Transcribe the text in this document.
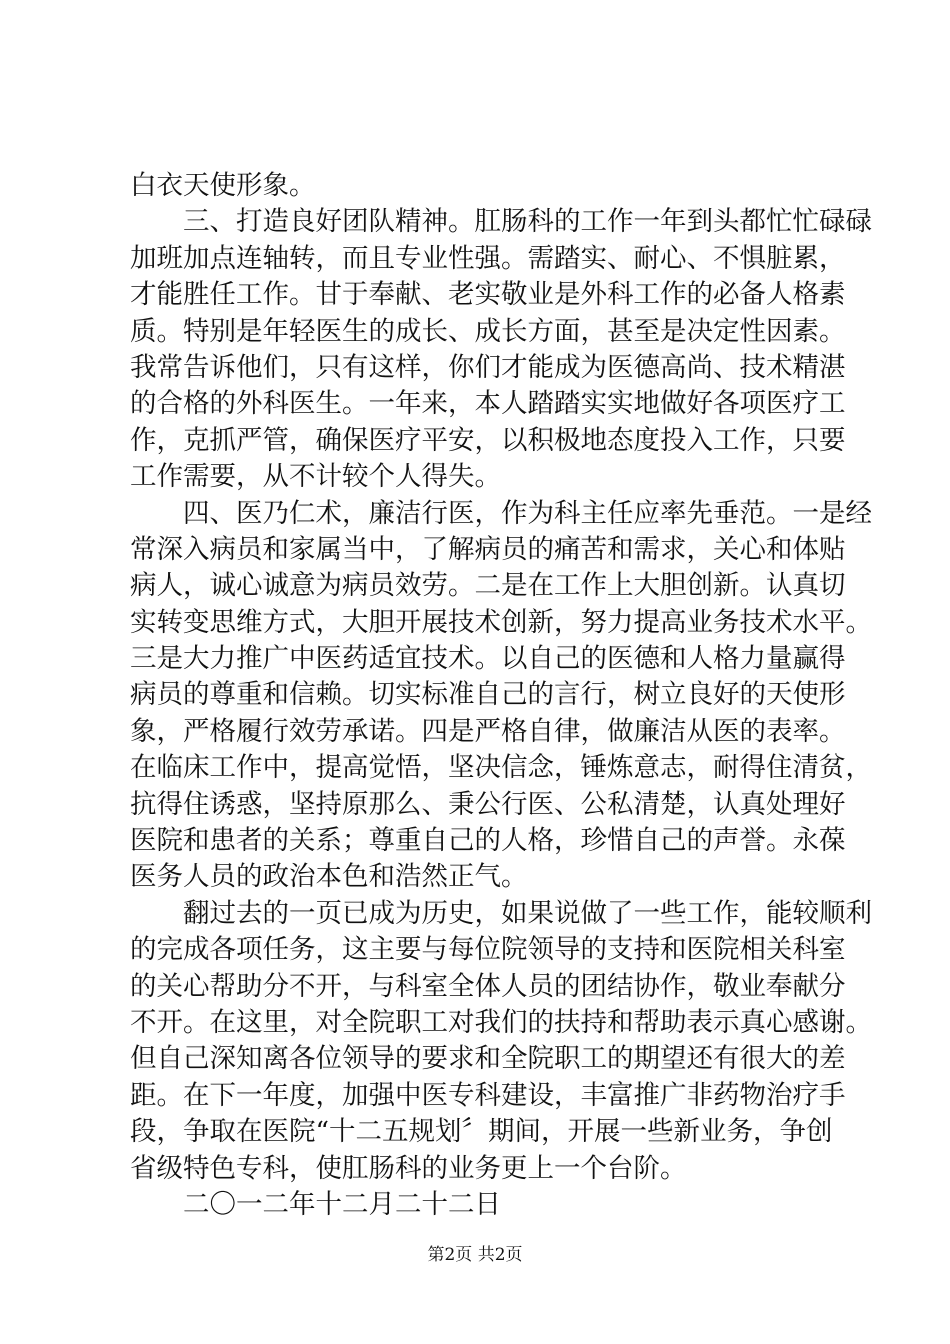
白衣天使形象。
三、打造良好团队精神。肛肠科的工作一年到头都忙忙碌碌
加班加点连轴转，而且专业性强。需踏实、耐心、不惧脏累，
才能胜任工作。甘于奉献、老实敬业是外科工作的必备人格素
质。特别是年轻医生的成长、成长方面，甚至是决定性因素。
我常告诉他们，只有这样，你们才能成为医德高尚、技术精湛
的合格的外科医生。一年来，本人踏踏实实地做好各项医疗工
作，克抓严管，确保医疗平安，以积极地态度投入工作，只要
工作需要，从不计较个人得失。
四、医乃仁术，廉洁行医，作为科主任应率先垂范。一是经
常深入病员和家属当中，了解病员的痛苦和需求，关心和体贴
病人，诚心诚意为病员效劳。二是在工作上大胆创新。认真切
实转变思维方式，大胆开展技术创新，努力提高业务技术水平。
三是大力推广中医药适宜技术。以自己的医德和人格力量赢得
病员的尊重和信赖。切实标准自己的言行，树立良好的天使形
象，严格履行效劳承诺。四是严格自律，做廉洁从医的表率。
在临床工作中，提高觉悟，坚决信念，锤炼意志，耐得住清贫，
抗得住诱惑，坚持原那么、秉公行医、公私清楚，认真处理好
医院和患者的关系；尊重自己的人格，珍惜自己的声誉。永葆
医务人员的政治本色和浩然正气。
翻过去的一页已成为历史，如果说做了一些工作，能较顺利
的完成各项任务，这主要与每位院领导的支持和医院相关科室
的关心帮助分不开，与科室全体人员的团结协作，敬业奉献分
不开。在这里，对全院职工对我们的扶持和帮助表示真心感谢。
但自己深知离各位领导的要求和全院职工的期望还有很大的差
距。在下一年度，加强中医专科建设，丰富推广非药物治疗手
段，争取在医院“十二五规划〞期间，开展一些新业务，争创
省级特色专科，使肛肠科的业务更上一个台阶。
二〇一二年十二月二十二日
第2页 共2页
